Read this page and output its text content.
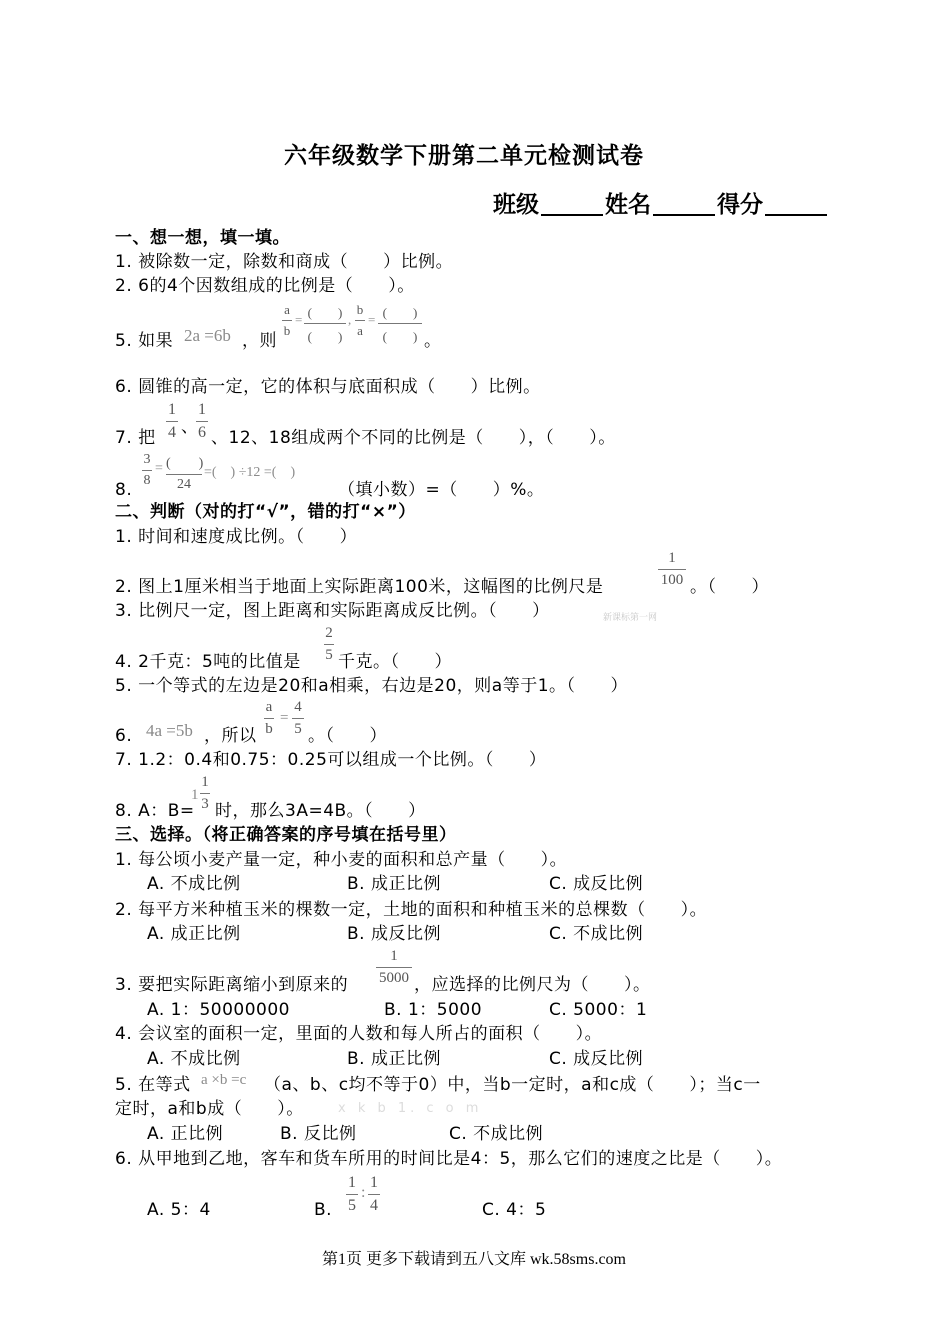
六年级数学下册第二单元检测试卷
班级	姓名	得分
一、想一想，填一填。
1. 被除数一定，除数和商成（　　）比例。
2. 6的4个因数组成的比例是（　　）。
5. 如果 2a =6b ，则
a
b
= (　　)
(　　)
,
b
a
= (　　)
(　　) 。
6. 圆锥的高一定，它的体积与底面积成（　　）比例。
7. 把
1
4 、
1
6 、12、18组成两个不同的比例是（　　），（　　）。
8.
3
8
= (　　)
24
=(　) ÷12 =(　)
（填小数）=（　　）%。
二、判断（对的打“√”，错的打“×”）
1. 时间和速度成比例。（　　）
2. 图上1厘米相当于地面上实际距离100米，这幅图的比例尺是
1
100 。（　　）
3. 比例尺一定，图上距离和实际距离成反比例。（　　）	新课标第一网
4. 2千克：5吨的比值是
2
5 千克。（　　）
5. 一个等式的左边是20和a相乘，右边是20，则a等于1。（　　）
6. 4a =5b ，所以
a
b
=
4
5 。（　　）
7. 1.2：0.4和0.75：0.25可以组成一个比例。（　　）
8. A：B=
1
1
3 时，那么3A=4B。（　　）
三、选择。（将正确答案的序号填在括号里）
1. 每公顷小麦产量一定，种小麦的面积和总产量（　　）。
A. 不成比例	B. 成正比例	C. 成反比例
2. 每平方米种植玉米的棵数一定，土地的面积和种植玉米的总棵数（　　）。
A. 成正比例	B. 成反比例	C. 不成比例
3. 要把实际距离缩小到原来的
1
5000 ，应选择的比例尺为（　　）。
A. 1：50000000	B. 1：5000	C. 5000：1
4. 会议室的面积一定，里面的人数和每人所占的面积（　　）。
A. 不成比例	B. 成正比例	C. 成反比例
5. 在等式 a ×b =c （a、b、c均不等于0）中，当b一定时，a和c成（　　）；当c一
定时，a和b成（　　）。	x k b 1. c o m
A. 正比例	B. 反比例	C. 不成比例
6. 从甲地到乙地，客车和货车所用的时间比是4：5，那么它们的速度之比是（　　）。
A. 5：4	B.
1
5
:
1
4	C. 4：5
第1页 更多下载请到五八文库 wk.58sms.com
